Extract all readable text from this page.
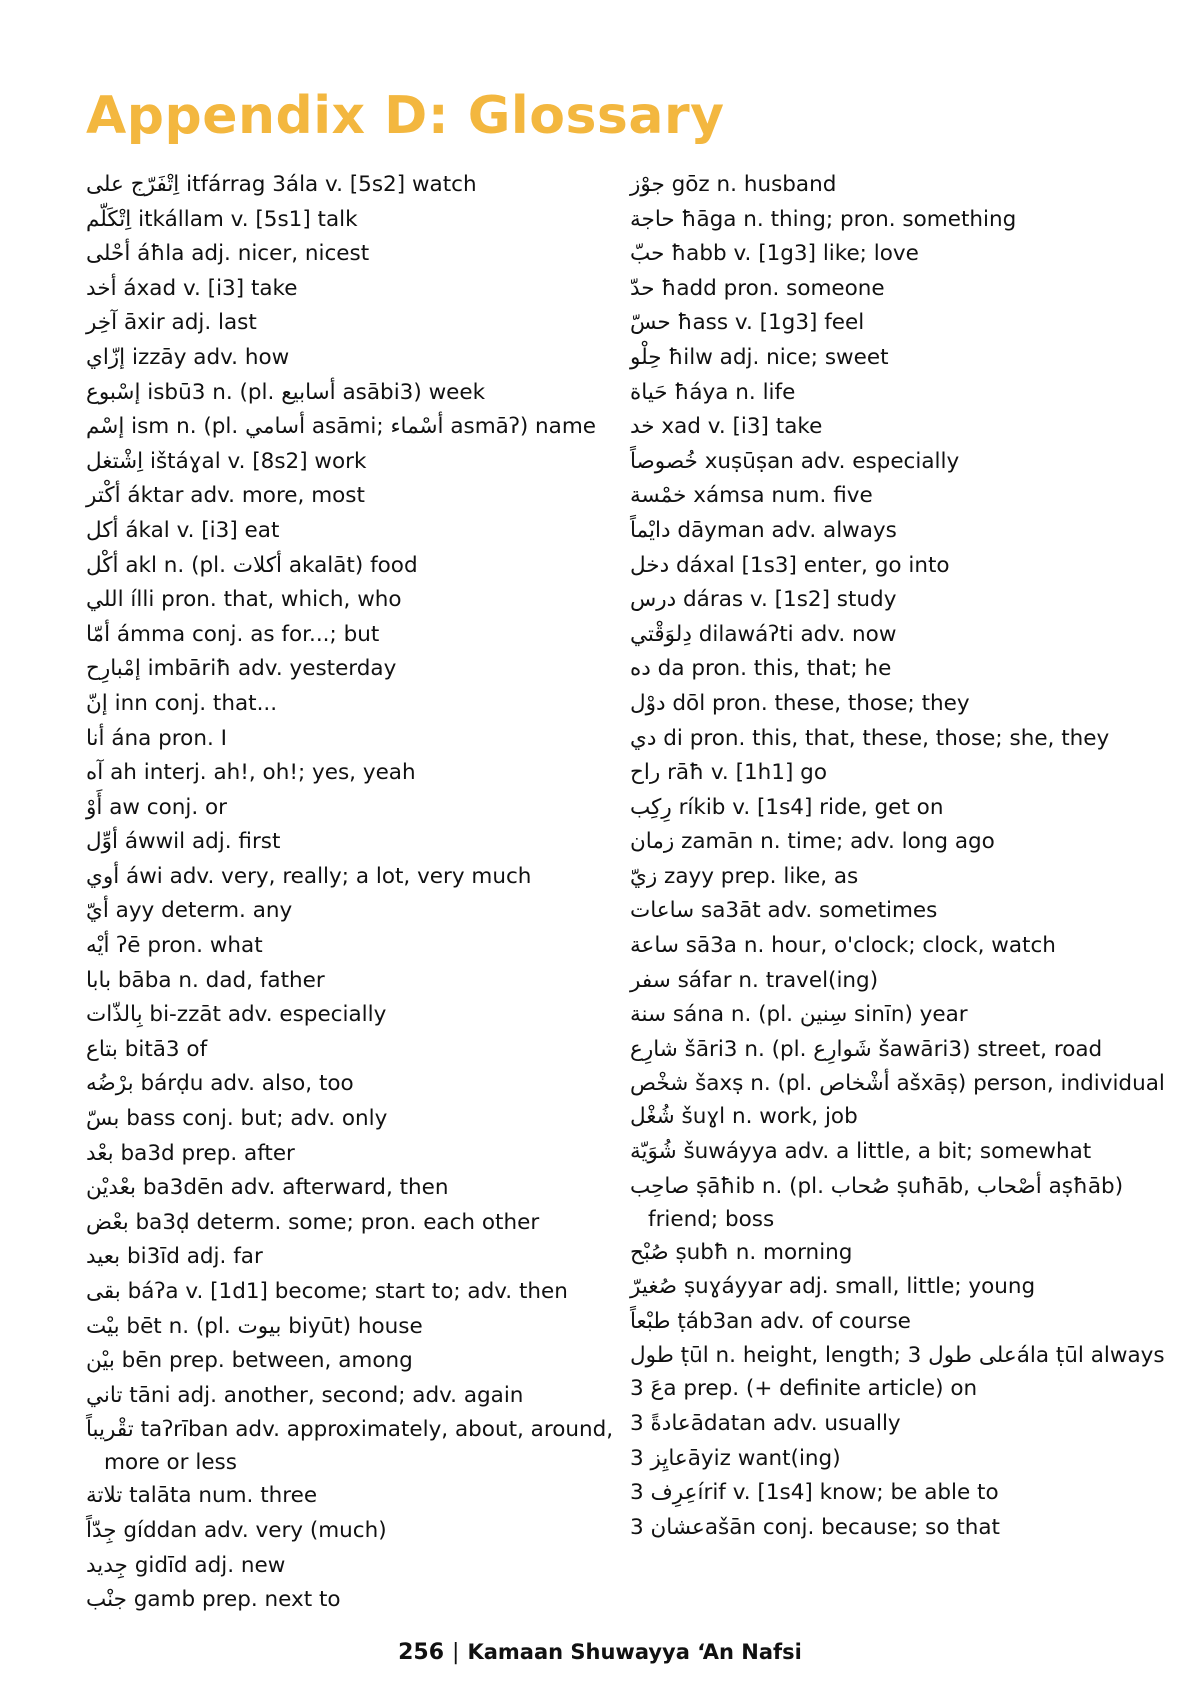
Appendix D: Glossary
اِتْفَرّج على itfárrag 3ála v. [5s2] watch
اِتْكَلّم itkállam v. [5s1] talk
أحْلى áħla adj. nicer, nicest
أخد áxad v. [i3] take
آخِر āxir adj. last
إزّاي izzāy adv. how
إسْبوع isbū3 n. (pl. أسابيع asābi3) week
إسْم ism n. (pl. أسامي asāmi; أسْماء asmāʔ) name
اِشْتغل ištáɣal v. [8s2] work
أكْتر áktar adv. more, most
أكل ákal v. [i3] eat
أكْل akl n. (pl. أكلات akalāt) food
اللي ílli pron. that, which, who
أمّا ámma conj. as for...; but
إمْبارِح imbāriħ adv. yesterday
إنّ inn conj. that...
أنا ána pron. I
آه ah interj. ah!, oh!; yes, yeah
أَوْ aw conj. or
أوِّل áwwil adj. first
أوي áwi adv. very, really; a lot, very much
أيّ ayy determ. any
أيْه ʔē pron. what
بابا bāba n. dad, father
بِالذّات bi-zzāt adv. especially
بتاع bitā3 of
برْضُه bárḍu adv. also, too
بسّ bass conj. but; adv. only
بعْد ba3d prep. after
بعْديْن ba3dēn adv. afterward, then
بعْض ba3ḍ determ. some; pron. each other
بعيد bi3īd adj. far
بقى báʔa v. [1d1] become; start to; adv. then
بيْت bēt n. (pl. بيوت biyūt) house
بيْن bēn prep. between, among
تاني tāni adj. another, second; adv. again
تقْريباً taʔrīban adv. approximately, about, around, more or less
تلاتة talāta num. three
جِدّاً gíddan adv. very (much)
جِديد gidīd adj. new
جنْب gamb prep. next to
جوْز gōz n. husband
حاجة ħāga n. thing; pron. something
حبّ ħabb v. [1g3] like; love
حدّ ħadd pron. someone
حسّ ħass v. [1g3] feel
حِلْو ħilw adj. nice; sweet
حَياة ħáya n. life
خد xad v. [i3] take
خُصوصاً xuṣūṣan adv. especially
خمْسة xámsa num. five
دايْماً dāyman adv. always
دخل dáxal [1s3] enter, go into
درس dáras v. [1s2] study
دِلوَقْتي dilawáʔti adv. now
ده da pron. this, that; he
دوْل dōl pron. these, those; they
دي di pron. this, that, these, those; she, they
راح rāħ v. [1h1] go
رِكِب ríkib v. [1s4] ride, get on
زمان zamān n. time; adv. long ago
زيّ zayy prep. like, as
ساعات sa3āt adv. sometimes
ساعة sā3a n. hour, o'clock; clock, watch
سفر sáfar n. travel(ing)
سنة sána n. (pl. سِنين sinīn) year
شارِع šāri3 n. (pl. شَوارِع šawāri3) street, road
شخْص šaxṣ n. (pl. أشْخاص ašxāṣ) person, individual
شُغْل šuɣl n. work, job
شُوَيّة šuwáyya adv. a little, a bit; somewhat
صاحِب ṣāħib n. (pl. صُحاب ṣuħāb, أصْحاب aṣħāb) friend; boss
صُبْح ṣubħ n. morning
صُغيرّ ṣuɣáyyar adj. small, little; young
طبْعاً ṭáb3an adv. of course
طول ṭūl n. height, length; على طول 3ála ṭūl always
عَ 3a prep. (+ definite article) on
عادةً 3ādatan adv. usually
عايِز 3āyiz want(ing)
عِرِف 3írif v. [1s4] know; be able to
عشان 3ašān conj. because; so that
256 | Kamaan Shuwayya ‘An Nafsi
